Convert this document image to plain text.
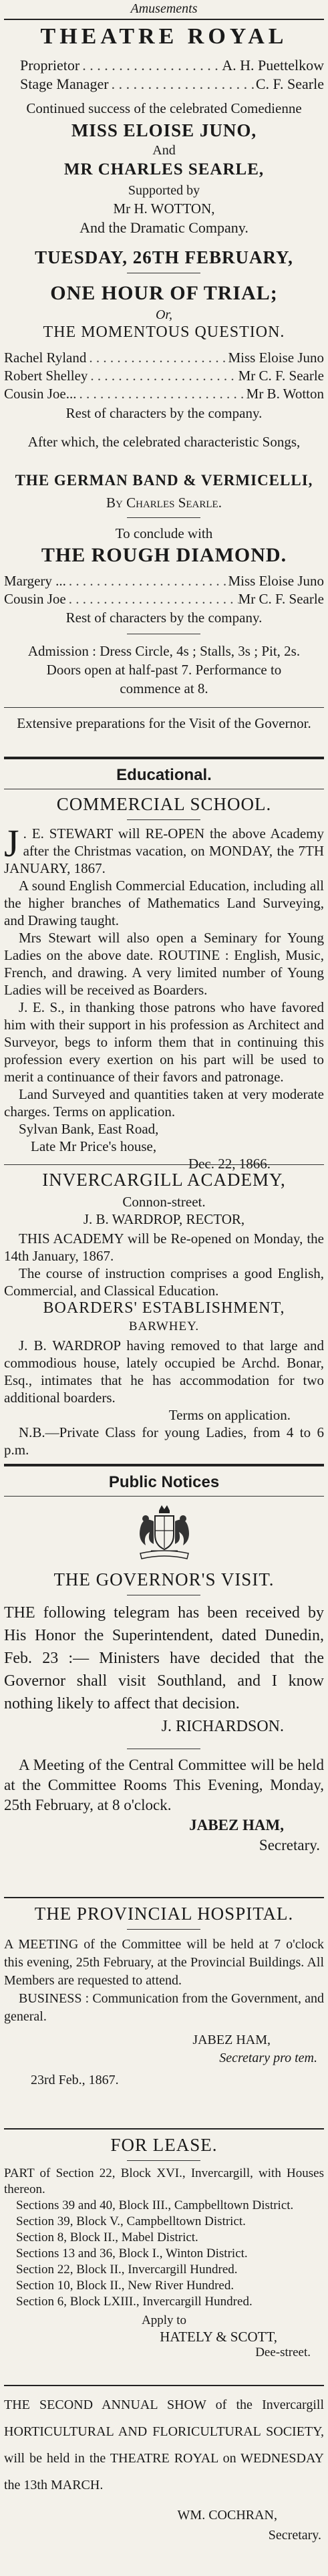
Amusements
THEATRE ROYAL
Proprietor . . .	A. H. Puettelkow
Stage Manager . . .	C. F. Searle
Continued success of the celebrated Comedienne
MISS ELOISE JUNO,
And
MR CHARLES SEARLE,
Supported by
Mr H. WOTTON,
And the Dramatic Company.
TUESDAY, 26TH FEBRUARY,
ONE HOUR OF TRIAL;
Or,
THE MOMENTOUS QUESTION.
Rachel Ryland . . .	Miss Eloise Juno
Robert Shelley . . .	Mr C. F. Searle
Cousin Joe... . . .	Mr B. Wotton
Rest of characters by the company.
After which, the celebrated characteristic Songs,
THE GERMAN BAND & VERMICELLI,
By Charles Searle.
To conclude with
THE ROUGH DIAMOND.
Margery ... . . .	Miss Eloise Juno
Cousin Joe . . .	Mr C. F. Searle
Rest of characters by the company.
Admission : Dress Circle, 4s ; Stalls, 3s ; Pit, 2s. Doors open at half-past 7. Performance to commence at 8.
Extensive preparations for the Visit of the Governor.
Educational.
COMMERCIAL SCHOOL.

J . E. STEWART will RE-OPEN the above Academy after the Christmas vacation, on MONDAY, the 7TH JANUARY, 1867.

A sound English Commercial Education, including all the higher branches of Mathematics Land Surveying, and Drawing taught.

Mrs Stewart will also open a Seminary for Young Ladies on the above date. ROUTINE : English, Music, French, and drawing. A very limited number of Young Ladies will be received as Boarders.

J. E. S., in thanking those patrons who have favored him with their support in his profession as Architect and Surveyor, begs to inform them that in continuing this profession every exertion on his part will be used to merit a continuance of their favors and patronage.

Land Surveyed and quantities taken at very moderate charges. Terms on application.

Sylvan Bank, East Road,

Late Mr Price's house,

Dec. 22, 1866.

INVERCARGILL ACADEMY,
Connon-street.
J. B. WARDROP, RECTOR,

THIS ACADEMY will be Re-opened on Monday, the 14th January, 1867.

The course of instruction comprises a good English, Commercial, and Classical Education.

BOARDERS' ESTABLISHMENT,
BARWHEY.

J. B. WARDROP having removed to that large and commodious house, lately occupied be Archd. Bonar, Esq., intimates that he has accommodation for two additional boarders.

Terms on application.

N.B.—Private Class for young Ladies, from 4 to 6 p.m.

Public Notices
THE GOVERNOR'S VISIT.

THE following telegram has been received by His Honor the Superintendent, dated Dunedin, Feb. 23 :— Ministers have decided that the Governor shall visit Southland, and I know nothing likely to affect that decision.

J. RICHARDSON.

A Meeting of the Central Committee will be held at the Committee Rooms This Evening, Monday, 25th February, at 8 o'clock.

JABEZ HAM,

Secretary.

THE PROVINCIAL HOSPITAL.

A MEETING of the Committee will be held at 7 o'clock this evening, 25th February, at the Provincial Buildings. All Members are requested to attend.

BUSINESS : Communication from the Government, and general.

JABEZ HAM,

Secretary pro tem.

23rd Feb., 1867.

FOR LEASE.

PART of Section 22, Block XVI., Invercargill, with Houses thereon.

Sections 39 and 40, Block III., Campbelltown District.

Section 39, Block V., Campbelltown District.

Section 8, Block II., Mabel District.

Sections 13 and 36, Block I., Winton District.

Section 22, Block II., Invercargill Hundred.

Section 10, Block II., New River Hundred.

Section 6, Block LXIII., Invercargill Hundred.

Apply to

HATELY & SCOTT,

Dee-street.

THE SECOND ANNUAL SHOW of the Invercargill HORTICULTURAL AND FLORICULTURAL SOCIETY, will be held in the THEATRE ROYAL on WEDNESDAY the 13th MARCH.

WM. COCHRAN,

Secretary.
